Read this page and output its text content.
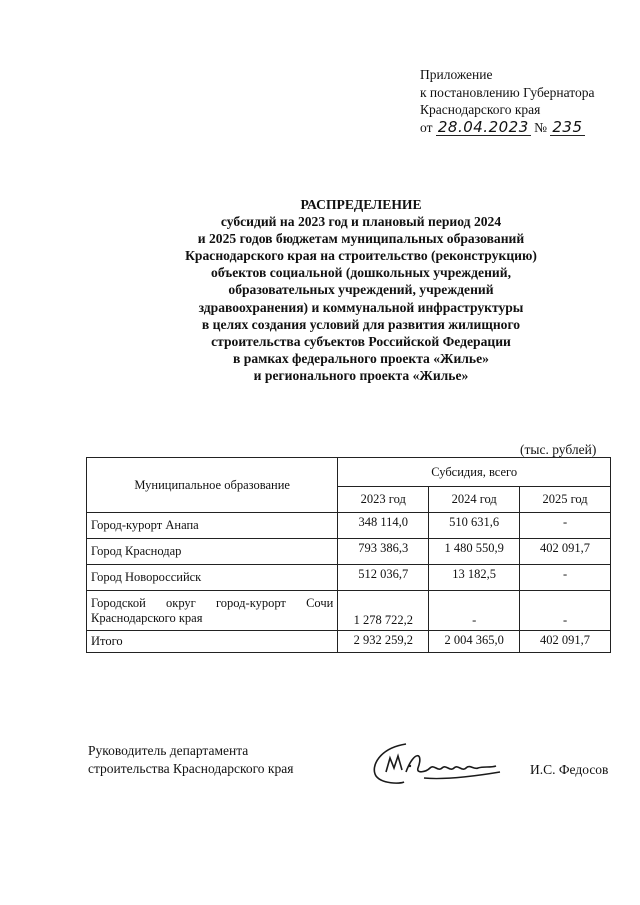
Приложение
к постановлению Губернатора
Краснодарского края
от 28.04.2023 № 235
РАСПРЕДЕЛЕНИЕ
субсидий на 2023 год и плановый период 2024
и 2025 годов бюджетам муниципальных образований
Краснодарского края на строительство (реконструкцию)
объектов социальной (дошкольных учреждений,
образовательных учреждений, учреждений
здравоохранения) и коммунальной инфраструктуры
в целях создания условий для развития жилищного
строительства субъектов Российской Федерации
в рамках федерального проекта «Жилье»
и регионального проекта «Жилье»
(тыс. рублей)
Муниципальное образование	Субсидия, всего		
	2023 год	2024 год	2025 год
Город-курорт Анапа	348 114,0	510 631,6	-
Город Краснодар	793 386,3	1 480 550,9	402 091,7
Город Новороссийск	512 036,7	13 182,5	-

Городской округ город-курорт Сочи
Краснодарского края	1 278 722,2	-	-
Итого	2 932 259,2	2 004 365,0	402 091,7
Руководитель департамента
строительства Краснодарского края	И.С. Федосов
